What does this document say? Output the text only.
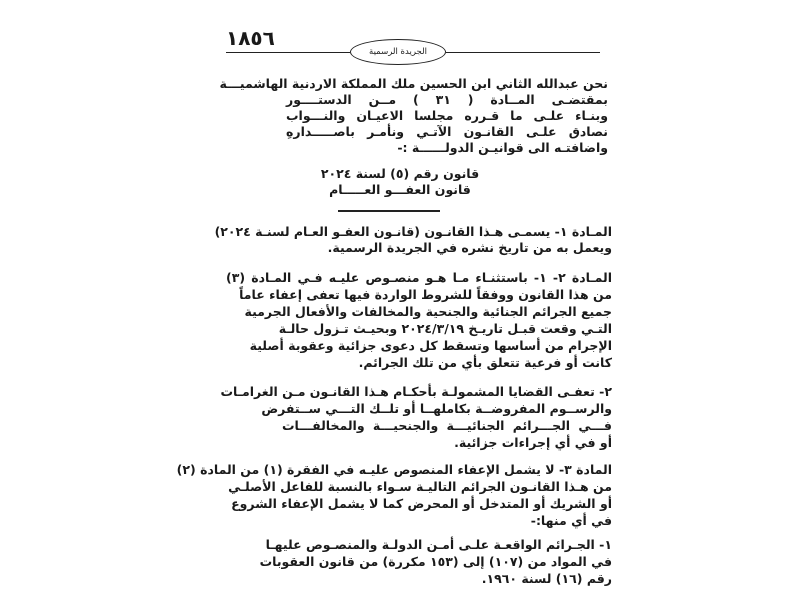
١٨٥٦
الجريدة الرسمية
نحن عبدالله الثاني ابن الحسين ملك المملكة الاردنية الهاشميـــة
بمقتضـى المــادة ( ٣١ ) مــن الدستــــور
وبنـاء علـى ما قـرره مجلسا الاعيـان والنـــواب
نصادق علـى القانـون الآتـي ونأمـر باصـــــدارهِ
واضافتـه الى قوانيـن الدولــــــة :-
قانون رقم (٥) لسنة ٢٠٢٤
قانون العفـــو العـــــام
المـادة ١- يسمـى هـذا القانـون (قانـون العفـو العـام لسنـة ٢٠٢٤)
ويعمل به من تاريخ نشره في الجريدة الرسمية.
المـادة ٢- ١- باستثنـاء مـا هـو منصـوص عليـه فـي المـادة (٣)
من هذا القانون ووفقاً للشروط الواردة فيها تعفى إعفاء عاماً
جميع الجرائم الجنائية والجنحية والمخالفات والأفعال الجرمية
التـي وقعت قبـل تاريـخ ٢٠٢٤/٣/١٩ وبحيـث تـزول حالـة
الإجرام من أساسها وتسقط كل دعوى جزائية وعقوبة أصلية
كانت أو فرعية تتعلق بأي من تلك الجرائم.
٢- تعفـى القضايا المشمولـة بأحكـام هـذا القانـون مـن الغرامـات
والرســوم المفروضــة بكاملهــا أو تلــك التـــي ســتفرض
فـــي الجـــرائم الجنائيـــة والجنحيـــة والمخالفـــات
أو في أي إجراءات جزائية.
المادة ٣- لا يشمل الإعفاء المنصوص عليـه في الفقرة (١) من المادة (٢)
من هـذا القانـون الجرائم التاليـة سـواء بالنسبة للفاعل الأصلـي
أو الشريك أو المتدخل أو المحرض كما لا يشمل الإعفاء الشروع
في أي منها:-
١- الجـرائم الواقعـة علـى أمـن الدولـة والمنصـوص عليهـا
في المواد من (١٠٧) إلى (١٥٣ مكررة) من قانون العقوبات
رقم (١٦) لسنة ١٩٦٠.
